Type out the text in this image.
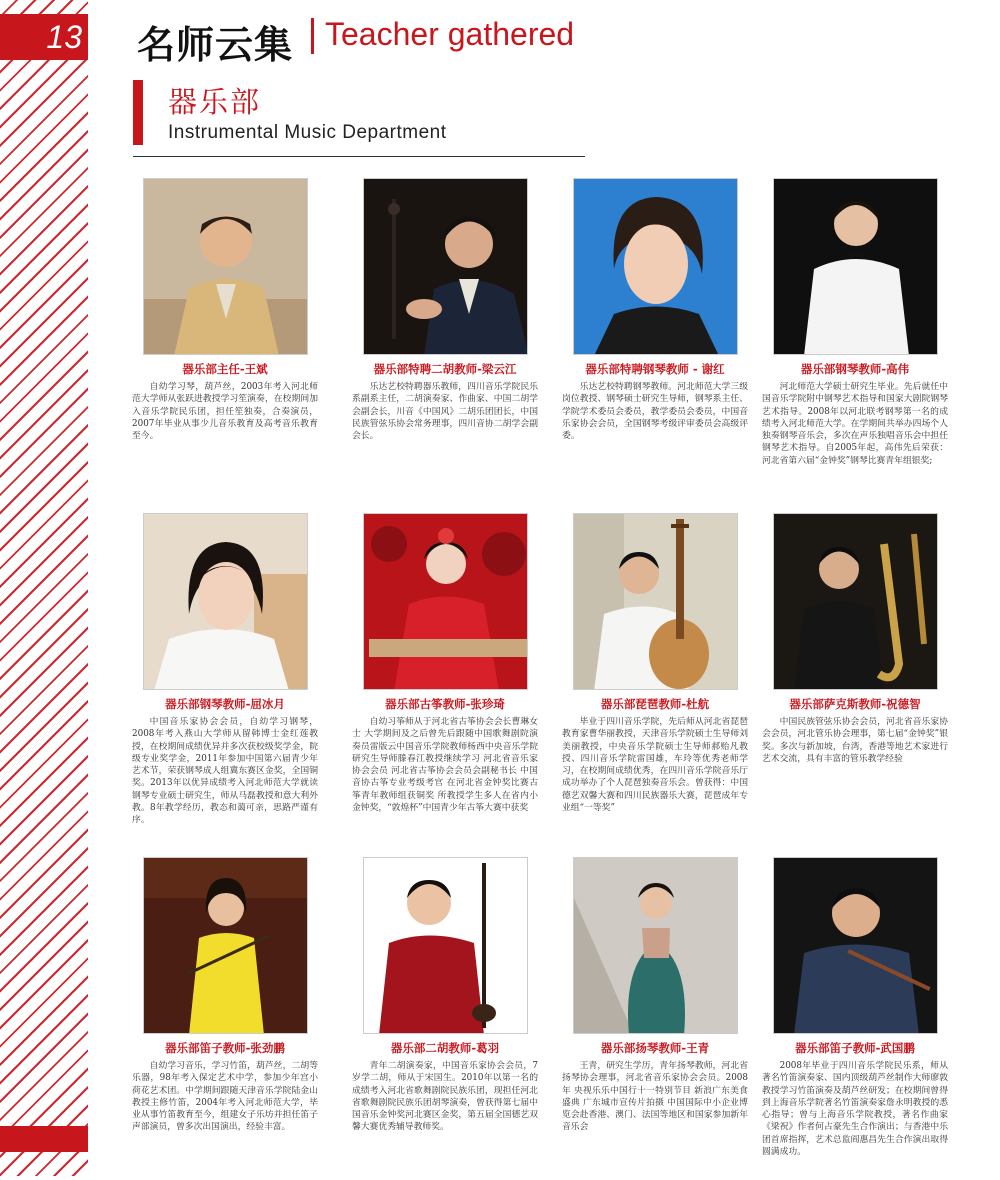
13 名师云集 Teacher gathered
器乐部
Instrumental Music Department
器乐部主任-王斌
自幼学习琴，葫芦丝，2003年考入河北师范大学师从张跃进教授学习笙演奏，在校期间加入音乐学院民乐团，担任笙独奏，合奏演员，2007年毕业从事少儿音乐教育及高考音乐教育至今。
器乐部特聘二胡教师-梁云江
乐达艺校特聘器乐教师，四川音乐学院民乐系副系主任，二胡演奏家、作曲家、中国二胡学会副会长，川音《中国风》二胡乐团团长，中国民族管弦乐协会常务理事，四川音协二胡学会副会长。
器乐部特聘钢琴教师 - 谢红
乐达艺校特聘钢琴教师。河北师范大学三级岗位教授、钢琴硕士研究生导师，钢琴系主任、学院学术委员会委员，教学委员会委员，中国音乐家协会会员，全国钢琴考级评审委员会高级评委。
器乐部钢琴教师-高伟
河北师范大学硕士研究生毕业。先后就任中国音乐学院附中钢琴艺术指导和国家大剧院钢琴艺术指导。2008年以河北联考钢琴第一名的成绩考入河北师范大学。在学期间共举办四场个人独奏钢琴音乐会，多次在声乐独唱音乐会中担任钢琴艺术指导。自2005年起，高伟先后荣获：河北省第六届“金钟奖”钢琴比赛青年组银奖;
器乐部钢琴教师-屈冰月
中国音乐家协会会员，自幼学习钢琴，2008年考入燕山大学师从留韩博士金红莲教授，在校期间成绩优异并多次获校级奖学金，院级专业奖学金，2011年参加中国第六届青少年艺术节，荣获钢琴成人组冀东赛区金奖，全国铜奖。2013年以优异成绩考入河北师范大学就读钢琴专业硕士研究生，师从马磊教授和意大利外教。8年教学经历，教态和蔼可亲，思路严谨有序。
器乐部古筝教师-张珍琦
自幼习筝师从于河北省古筝协会会长曹琳女士 大学期间及之后曾先后跟随中国歌舞剧院演奏员雷版云中国音乐学院教师杨西中央音乐学院研究生导师滕春江教授继续学习 河北省音乐家协会会员 河北省古筝协会会员会副秘书长 中国音协古筝专业考级考官 在河北省金钟奖比赛古筝青年教师组获铜奖 所教授学生多人在省内小金钟奖，“敦煌杯”中国青少年古筝大赛中获奖
器乐部琵琶教师-杜航
毕业于四川音乐学院，先后师从河北省琵琶教育家曹华丽教授，天津音乐学院硕士生导师刘美丽教授，中央音乐学院硕士生导师郝贻凡教授、四川音乐学院雷国雄，车玲等优秀老师学习，在校期间成绩优秀，在四川音乐学院音乐厅成功举办了个人琵琶独奏音乐会。曾获得：中国德艺双馨大赛和四川民族器乐大赛，琵琶成年专业组“一等奖”
器乐部萨克斯教师-祝德智
中国民族管弦乐协会会员，河北省音乐家协会会员，河北管乐协会理事，第七届“金钟奖”银奖。多次与新加坡，台湾，香港等地艺术家进行艺术交流，具有丰富的管乐教学经验
器乐部笛子教师-张劲鹏
自幼学习音乐，学习竹笛，葫芦丝，二胡等乐器，98年考入保定艺术中学，参加少年宫小荷花艺术团。中学期间跟随天津音乐学院陆金山教授主修竹笛，2004年考入河北师范大学，毕业从事竹笛教育至今，组建女子乐坊并担任笛子声部演员，曾多次出国演出，经验丰富。
器乐部二胡教师-葛羽
青年二胡演奏家，中国音乐家协会会员，7岁学二胡，师从于宋国生。2010年以第一名的成绩考入河北省歌舞剧院民族乐团，现担任河北省歌舞剧院民族乐团胡琴演奏，曾获得第七届中国音乐金钟奖河北赛区金奖，第五届全国德艺双馨大赛优秀辅导教师奖。
器乐部扬琴教师-王青
王青，研究生学历，青年扬琴教师，河北省扬琴协会理事，河北省音乐家协会会员。2008年 央视乐乐中国行十一特别节目 新浪广东美食盛典 广东城市宣传片拍摄 中国国际中小企业博览会赴香港、澳门、法国等地区和国家参加新年音乐会
器乐部笛子教师-武国鹏
2008年毕业于四川音乐学院民乐系，师从著名竹笛演奏家、国内顶级葫芦丝制作大师廖敦教授学习竹笛演奏及葫芦丝研发；在校期间曾得到上海音乐学院著名竹笛演奏家詹永明教授的悉心指导；曾与上海音乐学院教授，著名作曲家《梁祝》作者何占豪先生合作演出；与香港中乐团首席指挥，艺术总监阎惠昌先生合作演出取得圆满成功。
